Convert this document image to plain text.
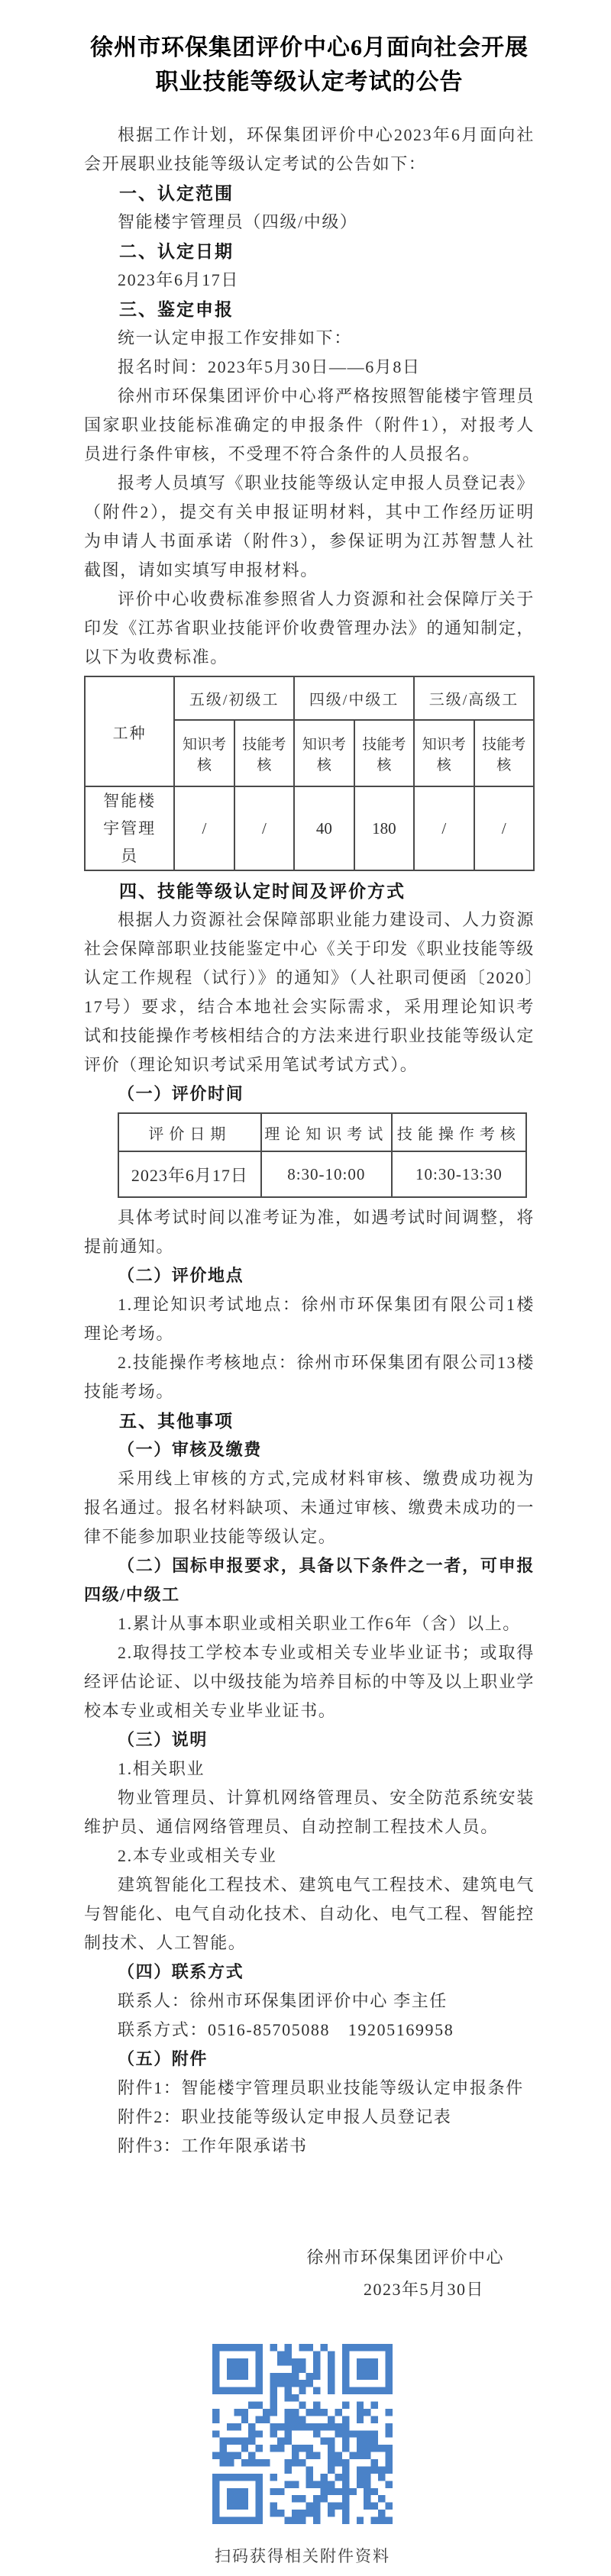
徐州市环保集团评价中心6月面向社会开展
职业技能等级认定考试的公告

根据工作计划，环保集团评价中心2023年6月面向社会开展职业技能等级认定考试的公告如下：

一、认定范围

智能楼宇管理员（四级/中级）

二、认定日期

2023年6月17日

三、鉴定申报

统一认定申报工作安排如下：

报名时间：2023年5月30日——6月8日

徐州市环保集团评价中心将严格按照智能楼宇管理员国家职业技能标准确定的申报条件（附件1），对报考人员进行条件审核，不受理不符合条件的人员报名。

报考人员填写《职业技能等级认定申报人员登记表》（附件2），提交有关申报证明材料，其中工作经历证明为申请人书面承诺（附件3），参保证明为江苏智慧人社截图，请如实填写申报材料。

评价中心收费标准参照省人力资源和社会保障厅关于印发《江苏省职业技能评价收费管理办法》的通知制定，以下为收费标准。

工种	五级/初级工		四级/中级工		三级/高级工	
	知识考核	技能考核	知识考核	技能考核	知识考核	技能考核
智能楼宇管理员	/	/	40	180	/	/
四、技能等级认定时间及评价方式

根据人力资源社会保障部职业能力建设司、人力资源社会保障部职业技能鉴定中心《关于印发《职业技能等级认定工作规程（试行）》的通知》（人社职司便函〔2020〕17号）要求，结合本地社会实际需求，采用理论知识考试和技能操作考核相结合的方法来进行职业技能等级认定评价（理论知识考试采用笔试考试方式）。

（一）评价时间
评价日期	理论知识考试	技能操作考核
2023年6月17日	8:30-10:00	10:30-13:30

具体考试时间以准考证为准，如遇考试时间调整，将提前通知。

（二）评价地点

1.理论知识考试地点：徐州市环保集团有限公司1楼理论考场。

2.技能操作考核地点：徐州市环保集团有限公司13楼技能考场。

五、其他事项
（一）审核及缴费

采用线上审核的方式,完成材料审核、缴费成功视为报名通过。报名材料缺项、未通过审核、缴费未成功的一律不能参加职业技能等级认定。

（二）国标申报要求，具备以下条件之一者，可申报四级/中级工

1.累计从事本职业或相关职业工作6年（含）以上。

2.取得技工学校本专业或相关专业毕业证书；或取得经评估论证、以中级技能为培养目标的中等及以上职业学校本专业或相关专业毕业证书。

（三）说明

1.相关职业

物业管理员、计算机网络管理员、安全防范系统安装维护员、通信网络管理员、自动控制工程技术人员。

2.本专业或相关专业

建筑智能化工程技术、建筑电气工程技术、建筑电气与智能化、电气自动化技术、自动化、电气工程、智能控制技术、人工智能。

（四）联系方式

联系人：徐州市环保集团评价中心 李主任

联系方式：0516-85705088　19205169958

（五）附件

附件1：智能楼宇管理员职业技能等级认定申报条件

附件2：职业技能等级认定申报人员登记表

附件3：工作年限承诺书

徐州市环保集团评价中心
2023年5月30日
扫码获得相关附件资料
